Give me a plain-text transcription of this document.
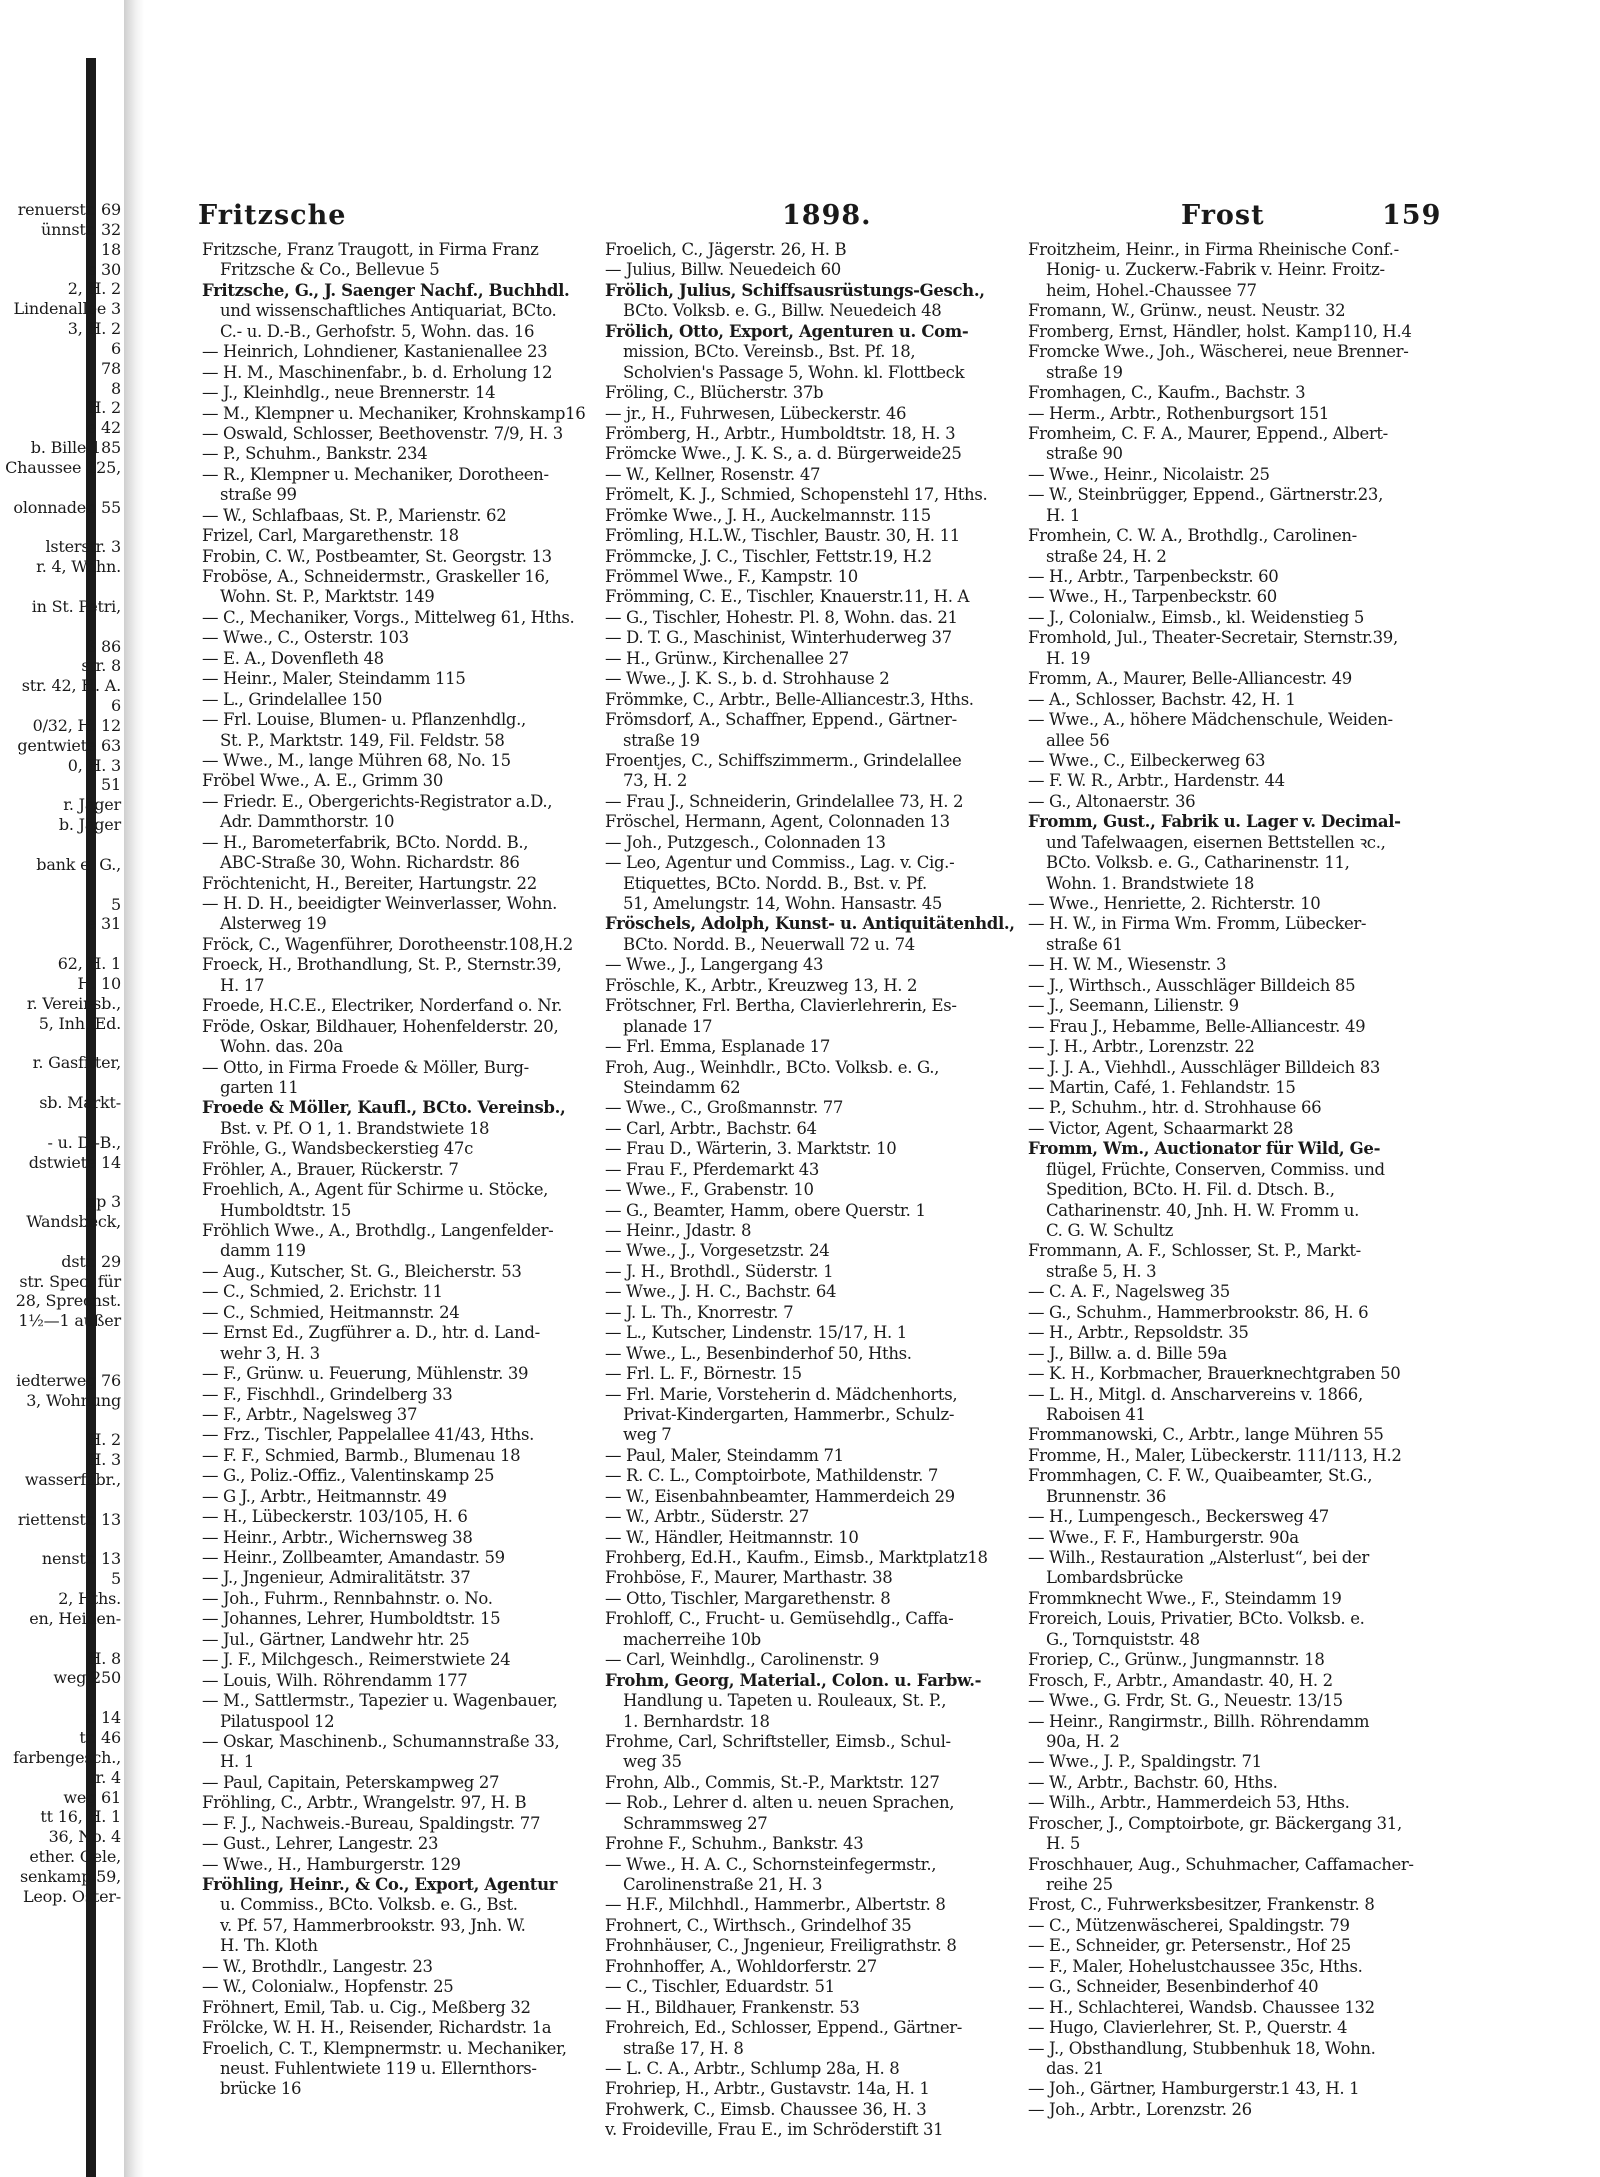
renuerstr. 69
ünnstr. 32
18
s 30
2, H. 2
Lindenallee 3
3, H. 2
6
78
8
H. 2
e 42
b. Bille 185
Chaussee 125,
olonnaden 55
lsterstr. 3
r. 4, Wohn.
in St. Petri,
ß 86
str. 8
str. 42, H. A.
6
0/32, H. 12
gentwiete 63
0, H. 3
51
r. Jäger
b. Jäger
bank e. G.,
5
e 31
62, H. 1
H. 10
r. Vereinsb.,
5, Inh. Ed.
r. Gasfitter,
sb. Markt-
- u. D.-B.,
dstwiete 14
np 3
Wandsbeck,
dstr. 29
str. Spec. für
28, Sprechst.
1½—1 außer
iedterweg 76
3, Wohnung
H. 2
H. 3
wasserfabr.,
riettenstr. 13
nenstr. 13
5
2, Hths.
en, Heiden-
H. 8
weg 250
r. 14
tr. 46
farbengesch.,
r. 4
weg 61
tt 16, H. 1
36, No. 4
ether. Oele,
senkamp 59,
Leop. Oster-
Fritzsche	1898.	Frost	159
Fritzsche, Franz Traugott, in Firma Franz
Fritzsche & Co., Bellevue 5
Fritzsche, G., J. Saenger Nachf., Buchhdl.
und wissenschaftliches Antiquariat, BCto.
C.- u. D.-B., Gerhofstr. 5, Wohn. das. 16
— Heinrich, Lohndiener, Kastanienallee 23
— H. M., Maschinenfabr., b. d. Erholung 12
— J., Kleinhdlg., neue Brennerstr. 14
— M., Klempner u. Mechaniker, Krohnskamp16
— Oswald, Schlosser, Beethovenstr. 7/9, H. 3
— P., Schuhm., Bankstr. 234
— R., Klempner u. Mechaniker, Dorotheen-
straße 99
— W., Schlafbaas, St. P., Marienstr. 62
Frizel, Carl, Margarethenstr. 18
Frobin, C. W., Postbeamter, St. Georgstr. 13
Froböse, A., Schneidermstr., Graskeller 16,
Wohn. St. P., Marktstr. 149
— C., Mechaniker, Vorgs., Mittelweg 61, Hths.
— Wwe., C., Osterstr. 103
— E. A., Dovenfleth 48
— Heinr., Maler, Steindamm 115
— L., Grindelallee 150
— Frl. Louise, Blumen- u. Pflanzenhdlg.,
St. P., Marktstr. 149, Fil. Feldstr. 58
— Wwe., M., lange Mühren 68, No. 15
Fröbel Wwe., A. E., Grimm 30
— Friedr. E., Obergerichts-Registrator a.D.,
Adr. Dammthorstr. 10
— H., Barometerfabrik, BCto. Nordd. B.,
ABC-Straße 30, Wohn. Richardstr. 86
Fröchtenicht, H., Bereiter, Hartungstr. 22
— H. D. H., beeidigter Weinverlasser, Wohn.
Alsterweg 19
Fröck, C., Wagenführer, Dorotheenstr.108,H.2
Froeck, H., Brothandlung, St. P., Sternstr.39,
H. 17
Froede, H.C.E., Electriker, Norderfand o. Nr.
Fröde, Oskar, Bildhauer, Hohenfelderstr. 20,
Wohn. das. 20a
— Otto, in Firma Froede & Möller, Burg-
garten 11
Froede & Möller, Kaufl., BCto. Vereinsb.,
Bst. v. Pf. O 1, 1. Brandstwiete 18
Fröhle, G., Wandsbeckerstieg 47c
Fröhler, A., Brauer, Rückerstr. 7
Froehlich, A., Agent für Schirme u. Stöcke,
Humboldtstr. 15
Fröhlich Wwe., A., Brothdlg., Langenfelder-
damm 119
— Aug., Kutscher, St. G., Bleicherstr. 53
— C., Schmied, 2. Erichstr. 11
— C., Schmied, Heitmannstr. 24
— Ernst Ed., Zugführer a. D., htr. d. Land-
wehr 3, H. 3
— F., Grünw. u. Feuerung, Mühlenstr. 39
— F., Fischhdl., Grindelberg 33
— F., Arbtr., Nagelsweg 37
— Frz., Tischler, Pappelallee 41/43, Hths.
— F. F., Schmied, Barmb., Blumenau 18
— G., Poliz.-Offiz., Valentinskamp 25
— G J., Arbtr., Heitmannstr. 49
— H., Lübeckerstr. 103/105, H. 6
— Heinr., Arbtr., Wichernsweg 38
— Heinr., Zollbeamter, Amandastr. 59
— J., Jngenieur, Admiralitätstr. 37
— Joh., Fuhrm., Rennbahnstr. o. No.
— Johannes, Lehrer, Humboldtstr. 15
— Jul., Gärtner, Landwehr htr. 25
— J. F., Milchgesch., Reimerstwiete 24
— Louis, Wilh. Röhrendamm 177
— M., Sattlermstr., Tapezier u. Wagenbauer,
Pilatuspool 12
— Oskar, Maschinenb., Schumannstraße 33,
H. 1
— Paul, Capitain, Peterskampweg 27
Fröhling, C., Arbtr., Wrangelstr. 97, H. B
— F. J., Nachweis.-Bureau, Spaldingstr. 77
— Gust., Lehrer, Langestr. 23
— Wwe., H., Hamburgerstr. 129
Fröhling, Heinr., & Co., Export, Agentur
u. Commiss., BCto. Volksb. e. G., Bst.
v. Pf. 57, Hammerbrookstr. 93, Jnh. W.
H. Th. Kloth
— W., Brothdlr., Langestr. 23
— W., Colonialw., Hopfenstr. 25
Fröhnert, Emil, Tab. u. Cig., Meßberg 32
Frölcke, W. H. H., Reisender, Richardstr. 1a
Froelich, C. T., Klempnermstr. u. Mechaniker,
neust. Fuhlentwiete 119 u. Ellernthors-
brücke 16
Froelich, C., Jägerstr. 26, H. B
— Julius, Billw. Neuedeich 60
Frölich, Julius, Schiffsausrüstungs-Gesch.,
BCto. Volksb. e. G., Billw. Neuedeich 48
Frölich, Otto, Export, Agenturen u. Com-
mission, BCto. Vereinsb., Bst. Pf. 18,
Scholvien's Passage 5, Wohn. kl. Flottbeck
Fröling, C., Blücherstr. 37b
— jr., H., Fuhrwesen, Lübeckerstr. 46
Frömberg, H., Arbtr., Humboldtstr. 18, H. 3
Frömcke Wwe., J. K. S., a. d. Bürgerweide25
— W., Kellner, Rosenstr. 47
Frömelt, K. J., Schmied, Schopenstehl 17, Hths.
Frömke Wwe., J. H., Auckelmannstr. 115
Frömling, H.L.W., Tischler, Baustr. 30, H. 11
Frömmcke, J. C., Tischler, Fettstr.19, H.2
Frömmel Wwe., F., Kampstr. 10
Frömming, C. E., Tischler, Knauerstr.11, H. A
— G., Tischler, Hohestr. Pl. 8, Wohn. das. 21
— D. T. G., Maschinist, Winterhuderweg 37
— H., Grünw., Kirchenallee 27
— Wwe., J. K. S., b. d. Strohhause 2
Frömmke, C., Arbtr., Belle-Alliancestr.3, Hths.
Frömsdorf, A., Schaffner, Eppend., Gärtner-
straße 19
Froentjes, C., Schiffszimmerm., Grindelallee
73, H. 2
— Frau J., Schneiderin, Grindelallee 73, H. 2
Fröschel, Hermann, Agent, Colonnaden 13
— Joh., Putzgesch., Colonnaden 13
— Leo, Agentur und Commiss., Lag. v. Cig.-
Etiquettes, BCto. Nordd. B., Bst. v. Pf.
51, Amelungstr. 14, Wohn. Hansastr. 45
Fröschels, Adolph, Kunst- u. Antiquitätenhdl.,
BCto. Nordd. B., Neuerwall 72 u. 74
— Wwe., J., Langergang 43
Fröschle, K., Arbtr., Kreuzweg 13, H. 2
Frötschner, Frl. Bertha, Clavierlehrerin, Es-
planade 17
— Frl. Emma, Esplanade 17
Froh, Aug., Weinhdlr., BCto. Volksb. e. G.,
Steindamm 62
— Wwe., C., Großmannstr. 77
— Carl, Arbtr., Bachstr. 64
— Frau D., Wärterin, 3. Marktstr. 10
— Frau F., Pferdemarkt 43
— Wwe., F., Grabenstr. 10
— G., Beamter, Hamm, obere Querstr. 1
— Heinr., Jdastr. 8
— Wwe., J., Vorgesetzstr. 24
— J. H., Brothdl., Süderstr. 1
— Wwe., J. H. C., Bachstr. 64
— J. L. Th., Knorrestr. 7
— L., Kutscher, Lindenstr. 15/17, H. 1
— Wwe., L., Besenbinderhof 50, Hths.
— Frl. L. F., Börnestr. 15
— Frl. Marie, Vorsteherin d. Mädchenhorts,
Privat-Kindergarten, Hammerbr., Schulz-
weg 7
— Paul, Maler, Steindamm 71
— R. C. L., Comptoirbote, Mathildenstr. 7
— W., Eisenbahnbeamter, Hammerdeich 29
— W., Arbtr., Süderstr. 27
— W., Händler, Heitmannstr. 10
Frohberg, Ed.H., Kaufm., Eimsb., Marktplatz18
Frohböse, F., Maurer, Marthastr. 38
— Otto, Tischler, Margarethenstr. 8
Frohloff, C., Frucht- u. Gemüsehdlg., Caffa-
macherreihe 10b
— Carl, Weinhdlg., Carolinenstr. 9
Frohm, Georg, Material., Colon. u. Farbw.-
Handlung u. Tapeten u. Rouleaux, St. P.,
1. Bernhardstr. 18
Frohme, Carl, Schriftsteller, Eimsb., Schul-
weg 35
Frohn, Alb., Commis, St.-P., Marktstr. 127
— Rob., Lehrer d. alten u. neuen Sprachen,
Schrammsweg 27
Frohne F., Schuhm., Bankstr. 43
— Wwe., H. A. C., Schornsteinfegermstr.,
Carolinenstraße 21, H. 3
— H.F., Milchhdl., Hammerbr., Albertstr. 8
Frohnert, C., Wirthsch., Grindelhof 35
Frohnhäuser, C., Jngenieur, Freiligrathstr. 8
Frohnhoffer, A., Wohldorferstr. 27
— C., Tischler, Eduardstr. 51
— H., Bildhauer, Frankenstr. 53
Frohreich, Ed., Schlosser, Eppend., Gärtner-
straße 17, H. 8
— L. C. A., Arbtr., Schlump 28a, H. 8
Frohriep, H., Arbtr., Gustavstr. 14a, H. 1
Frohwerk, C., Eimsb. Chaussee 36, H. 3
v. Froideville, Frau E., im Schröderstift 31
Froitzheim, Heinr., in Firma Rheinische Conf.-
Honig- u. Zuckerw.-Fabrik v. Heinr. Froitz-
heim, Hohel.-Chaussee 77
Fromann, W., Grünw., neust. Neustr. 32
Fromberg, Ernst, Händler, holst. Kamp110, H.4
Fromcke Wwe., Joh., Wäscherei, neue Brenner-
straße 19
Fromhagen, C., Kaufm., Bachstr. 3
— Herm., Arbtr., Rothenburgsort 151
Fromheim, C. F. A., Maurer, Eppend., Albert-
straße 90
— Wwe., Heinr., Nicolaistr. 25
— W., Steinbrügger, Eppend., Gärtnerstr.23,
H. 1
Fromhein, C. W. A., Brothdlg., Carolinen-
straße 24, H. 2
— H., Arbtr., Tarpenbeckstr. 60
— Wwe., H., Tarpenbeckstr. 60
— J., Colonialw., Eimsb., kl. Weidenstieg 5
Fromhold, Jul., Theater-Secretair, Sternstr.39,
H. 19
Fromm, A., Maurer, Belle-Alliancestr. 49
— A., Schlosser, Bachstr. 42, H. 1
— Wwe., A., höhere Mädchenschule, Weiden-
allee 56
— Wwe., C., Eilbeckerweg 63
— F. W. R., Arbtr., Hardenstr. 44
— G., Altonaerstr. 36
Fromm, Gust., Fabrik u. Lager v. Decimal-
und Tafelwaagen, eisernen Bettstellen ꝛc.,
BCto. Volksb. e. G., Catharinenstr. 11,
Wohn. 1. Brandstwiete 18
— Wwe., Henriette, 2. Richterstr. 10
— H. W., in Firma Wm. Fromm, Lübecker-
straße 61
— H. W. M., Wiesenstr. 3
— J., Wirthsch., Ausschläger Billdeich 85
— J., Seemann, Lilienstr. 9
— Frau J., Hebamme, Belle-Alliancestr. 49
— J. H., Arbtr., Lorenzstr. 22
— J. J. A., Viehhdl., Ausschläger Billdeich 83
— Martin, Café, 1. Fehlandstr. 15
— P., Schuhm., htr. d. Strohhause 66
— Victor, Agent, Schaarmarkt 28
Fromm, Wm., Auctionator für Wild, Ge-
flügel, Früchte, Conserven, Commiss. und
Spedition, BCto. H. Fil. d. Dtsch. B.,
Catharinenstr. 40, Jnh. H. W. Fromm u.
C. G. W. Schultz
Frommann, A. F., Schlosser, St. P., Markt-
straße 5, H. 3
— C. A. F., Nagelsweg 35
— G., Schuhm., Hammerbrookstr. 86, H. 6
— H., Arbtr., Repsoldstr. 35
— J., Billw. a. d. Bille 59a
— K. H., Korbmacher, Brauerknechtgraben 50
— L. H., Mitgl. d. Anscharvereins v. 1866,
Raboisen 41
Frommanowski, C., Arbtr., lange Mühren 55
Fromme, H., Maler, Lübeckerstr. 111/113, H.2
Frommhagen, C. F. W., Quaibeamter, St.G.,
Brunnenstr. 36
— H., Lumpengesch., Beckersweg 47
— Wwe., F. F., Hamburgerstr. 90a
— Wilh., Restauration „Alsterlust“, bei der
Lombardsbrücke
Frommknecht Wwe., F., Steindamm 19
Froreich, Louis, Privatier, BCto. Volksb. e.
G., Tornquiststr. 48
Froriep, C., Grünw., Jungmannstr. 18
Frosch, F., Arbtr., Amandastr. 40, H. 2
— Wwe., G. Frdr, St. G., Neuestr. 13/15
— Heinr., Rangirmstr., Billh. Röhrendamm
90a, H. 2
— Wwe., J. P., Spaldingstr. 71
— W., Arbtr., Bachstr. 60, Hths.
— Wilh., Arbtr., Hammerdeich 53, Hths.
Froscher, J., Comptoirbote, gr. Bäckergang 31,
H. 5
Froschhauer, Aug., Schuhmacher, Caffamacher-
reihe 25
Frost, C., Fuhrwerksbesitzer, Frankenstr. 8
— C., Mützenwäscherei, Spaldingstr. 79
— E., Schneider, gr. Petersenstr., Hof 25
— F., Maler, Hohelustchaussee 35c, Hths.
— G., Schneider, Besenbinderhof 40
— H., Schlachterei, Wandsb. Chaussee 132
— Hugo, Clavierlehrer, St. P., Querstr. 4
— J., Obsthandlung, Stubbenhuk 18, Wohn.
das. 21
— Joh., Gärtner, Hamburgerstr.1 43, H. 1
— Joh., Arbtr., Lorenzstr. 26
